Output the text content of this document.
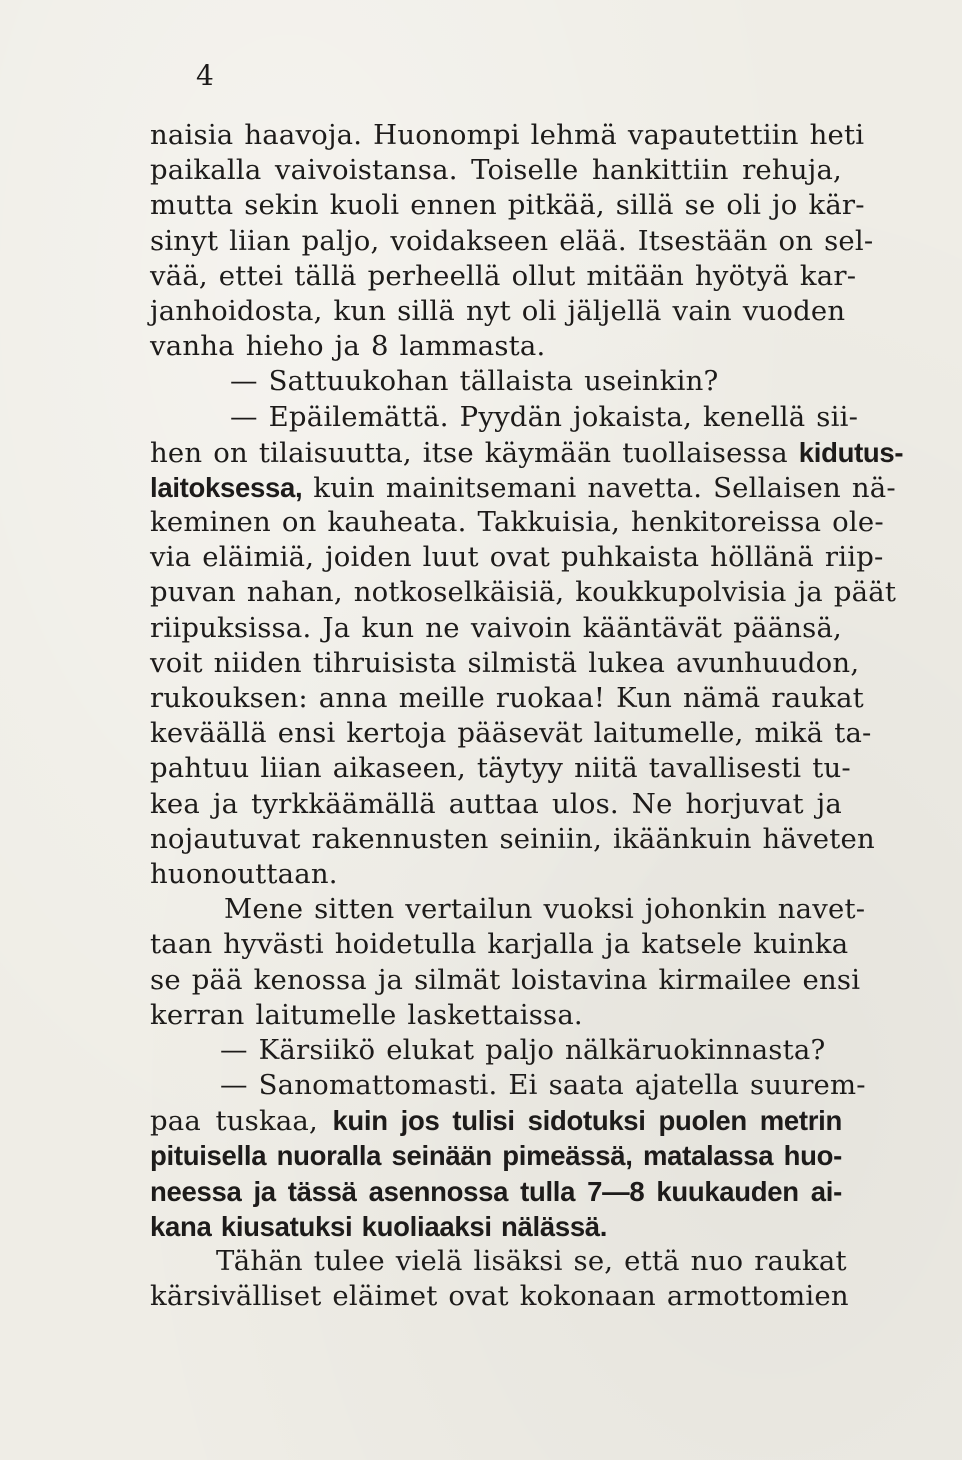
4

naisia haavoja. Huonompi lehmä vapautettiin heti
paikalla vaivoistansa. Toiselle hankittiin rehuja,
mutta sekin kuoli ennen pitkää, sillä se oli jo kär-
sinyt liian paljo, voidakseen elää. Itsestään on sel-
vää, ettei tällä perheellä ollut mitään hyötyä kar-
janhoidosta, kun sillä nyt oli jäljellä vain vuoden
vanha hieho ja 8 lammasta.
— Sattuukohan tällaista useinkin?
— Epäilemättä. Pyydän jokaista, kenellä sii-
hen on tilaisuutta, itse käymään tuollaisessa kidutus-
laitoksessa, kuin mainitsemani navetta. Sellaisen nä-
keminen on kauheata. Takkuisia, henkitoreissa ole-
via eläimiä, joiden luut ovat puhkaista höllänä riip-
puvan nahan, notkoselkäisiä, koukkupolvisia ja päät
riipuksissa. Ja kun ne vaivoin kääntävät päänsä,
voit niiden tihruisista silmistä lukea avunhuudon,
rukouksen: anna meille ruokaa! Kun nämä raukat
keväällä ensi kertoja pääsevät laitumelle, mikä ta-
pahtuu liian aikaseen, täytyy niitä tavallisesti tu-
kea ja tyrkkäämällä auttaa ulos. Ne horjuvat ja
nojautuvat rakennusten seiniin, ikäänkuin häveten
huonouttaan.
Mene sitten vertailun vuoksi johonkin navet-
taan hyvästi hoidetulla karjalla ja katsele kuinka
se pää kenossa ja silmät loistavina kirmailee ensi
kerran laitumelle laskettaissa.
— Kärsiikö elukat paljo nälkäruokinnasta?
— Sanomattomasti. Ei saata ajatella suurem-
paa tuskaa, kuin jos tulisi sidotuksi puolen metrin
pituisella nuoralla seinään pimeässä, matalassa huo-
neessa ja tässä asennossa tulla 7—8 kuukauden ai-
kana kiusatuksi kuoliaaksi nälässä.
Tähän tulee vielä lisäksi se, että nuo raukat
kärsivälliset eläimet ovat kokonaan armottomien
